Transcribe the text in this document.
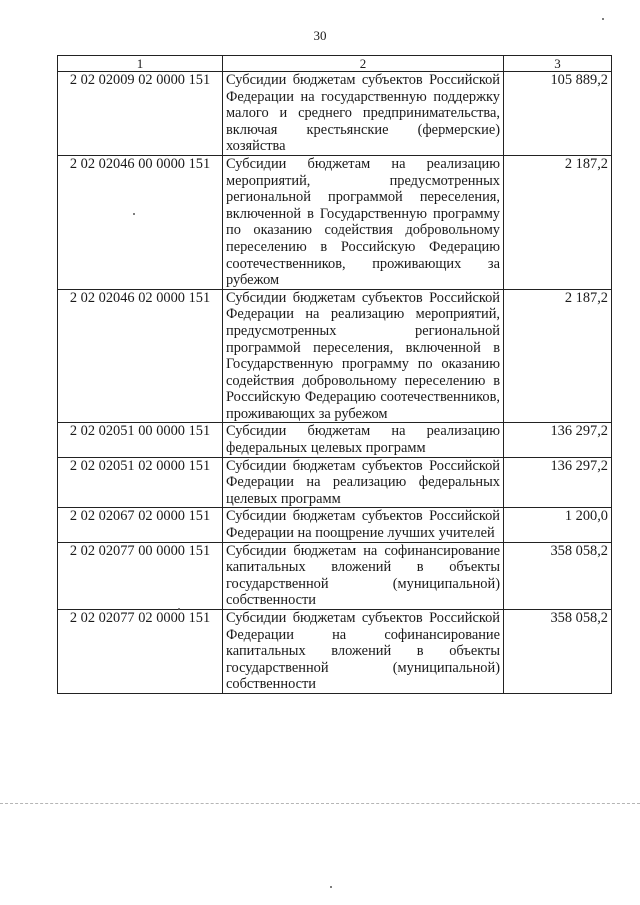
30
1	2	3
2 02 02009 02 0000 151	Субсидии бюджетам субъектов Российской Федерации на государственную поддержку малого и среднего предпринимательства, включая крестьянские (фермерские) хозяйства	105 889,2
2 02 02046 00 0000 151	Субсидии бюджетам на реализацию мероприятий, предусмотренных региональной программой переселения, включенной в Государственную программу по оказанию содействия добровольному переселению в Российскую Федерацию соотечественников, проживающих за рубежом	2 187,2
2 02 02046 02 0000 151	Субсидии бюджетам субъектов Российской Федерации на реализацию мероприятий, предусмотренных региональной программой переселения, включенной в Государственную программу по оказанию содействия добровольному переселению в Российскую Федерацию соотечественников, проживающих за рубежом	2 187,2
2 02 02051 00 0000 151	Субсидии бюджетам на реализацию федеральных целевых программ	136 297,2
2 02 02051 02 0000 151	Субсидии бюджетам субъектов Российской Федерации на реализацию федеральных целевых программ	136 297,2
2 02 02067 02 0000 151	Субсидии бюджетам субъектов Российской Федерации на поощрение лучших учителей	1 200,0
2 02 02077 00 0000 151	Субсидии бюджетам на софинансирование капитальных вложений в объекты государственной (муниципальной) собственности	358 058,2
2 02 02077 02 0000 151	Субсидии бюджетам субъектов Российской Федерации на софинансирование капитальных вложений в объекты государственной (муниципальной) собственности	358 058,2
